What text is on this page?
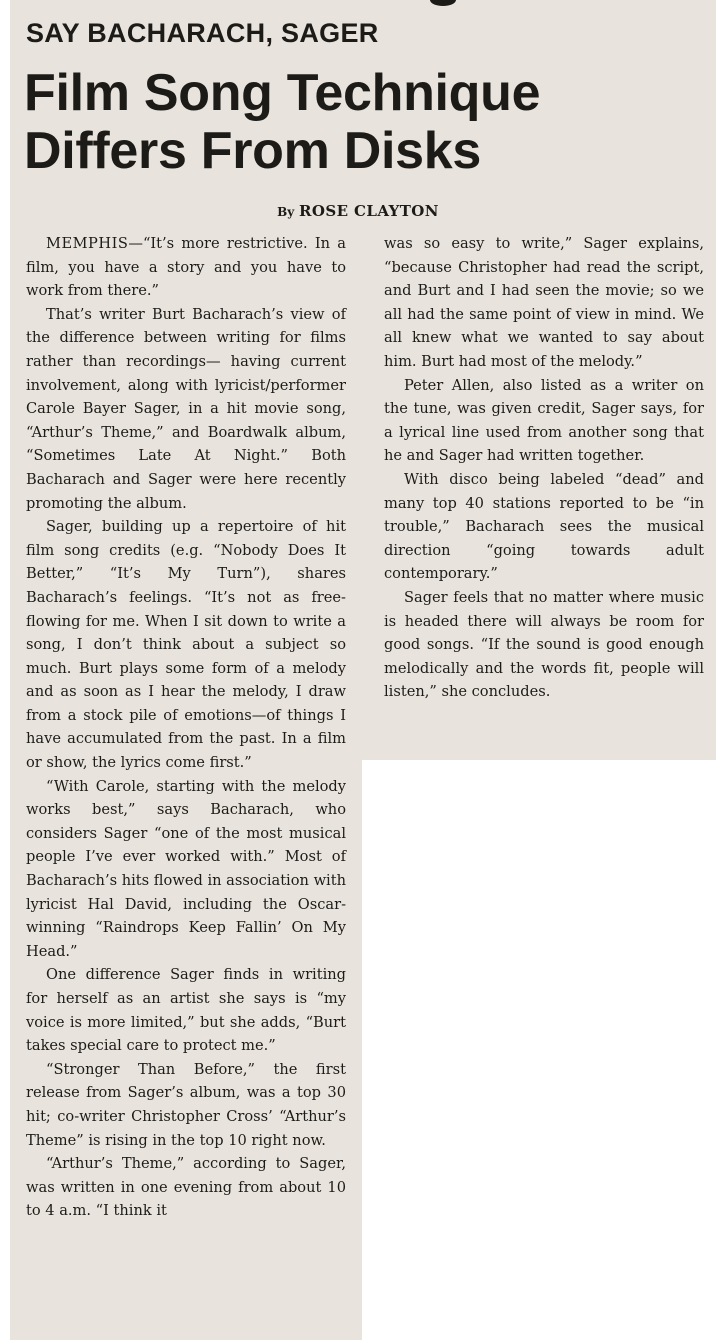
SAY BACHARACH, SAGER
Film Song Technique
Differs From Disks
By ROSE CLAYTON

MEMPHIS—“It’s more restrictive. In a film, you have a story and you have to work from there.”

That’s writer Burt Bacharach’s view of the difference between writing for films rather than recordings— having current involvement, along with lyricist/performer Carole Bayer Sager, in a hit movie song, “Arthur’s Theme,” and Boardwalk album, “Sometimes Late At Night.” Both Bacharach and Sager were here recently promoting the album.

Sager, building up a repertoire of hit film song credits (e.g. “Nobody Does It Better,” “It’s My Turn”), shares Bacharach’s feelings. “It’s not as free-flowing for me. When I sit down to write a song, I don’t think about a subject so much. Burt plays some form of a melody and as soon as I hear the melody, I draw from a stock pile of emotions—of things I have accumulated from the past. In a film or show, the lyrics come first.”

“With Carole, starting with the melody works best,” says Bacharach, who considers Sager “one of the most musical people I’ve ever worked with.” Most of Bacharach’s hits flowed in association with lyricist Hal David, including the Oscar-winning “Raindrops Keep Fallin’ On My Head.”

One difference Sager finds in writing for herself as an artist she says is “my voice is more limited,” but she adds, “Burt takes special care to protect me.”

“Stronger Than Before,” the first release from Sager’s album, was a top 30 hit; co-writer Christopher Cross’ “Arthur’s Theme” is rising in the top 10 right now.

“Arthur’s Theme,” according to Sager, was written in one evening from about 10 to 4 a.m. “I think it

was so easy to write,” Sager explains, “because Christopher had read the script, and Burt and I had seen the movie; so we all had the same point of view in mind. We all knew what we wanted to say about him. Burt had most of the melody.”

Peter Allen, also listed as a writer on the tune, was given credit, Sager says, for a lyrical line used from another song that he and Sager had written together.

With disco being labeled “dead” and many top 40 stations reported to be “in trouble,” Bacharach sees the musical direction “going towards adult contemporary.”

Sager feels that no matter where music is headed there will always be room for good songs. “If the sound is good enough melodically and the words fit, people will listen,” she concludes.
